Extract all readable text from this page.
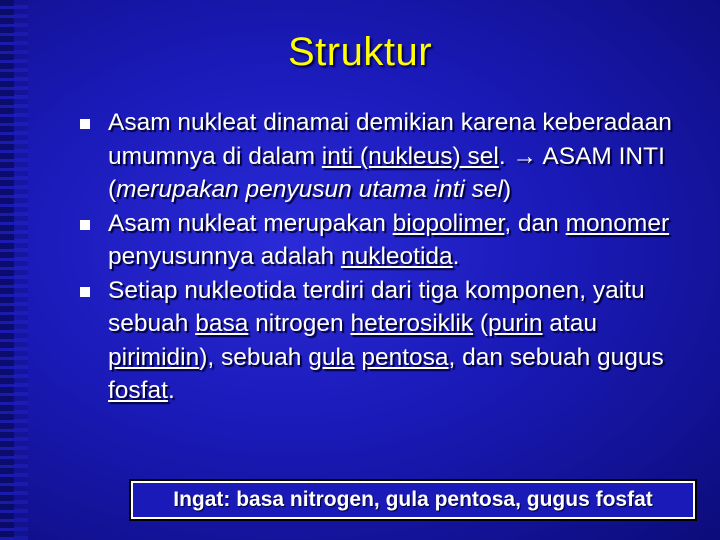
Struktur
Asam nukleat dinamai demikian karena keberadaan umumnya di dalam inti (nukleus) sel. → ASAM INTI (merupakan penyusun utama inti sel)
Asam nukleat merupakan biopolimer, dan monomer penyusunnya adalah nukleotida.
Setiap nukleotida terdiri dari tiga komponen, yaitu sebuah basa nitrogen heterosiklik (purin atau pirimidin), sebuah gula pentosa, dan sebuah gugus fosfat.
Ingat: basa nitrogen, gula pentosa, gugus fosfat
